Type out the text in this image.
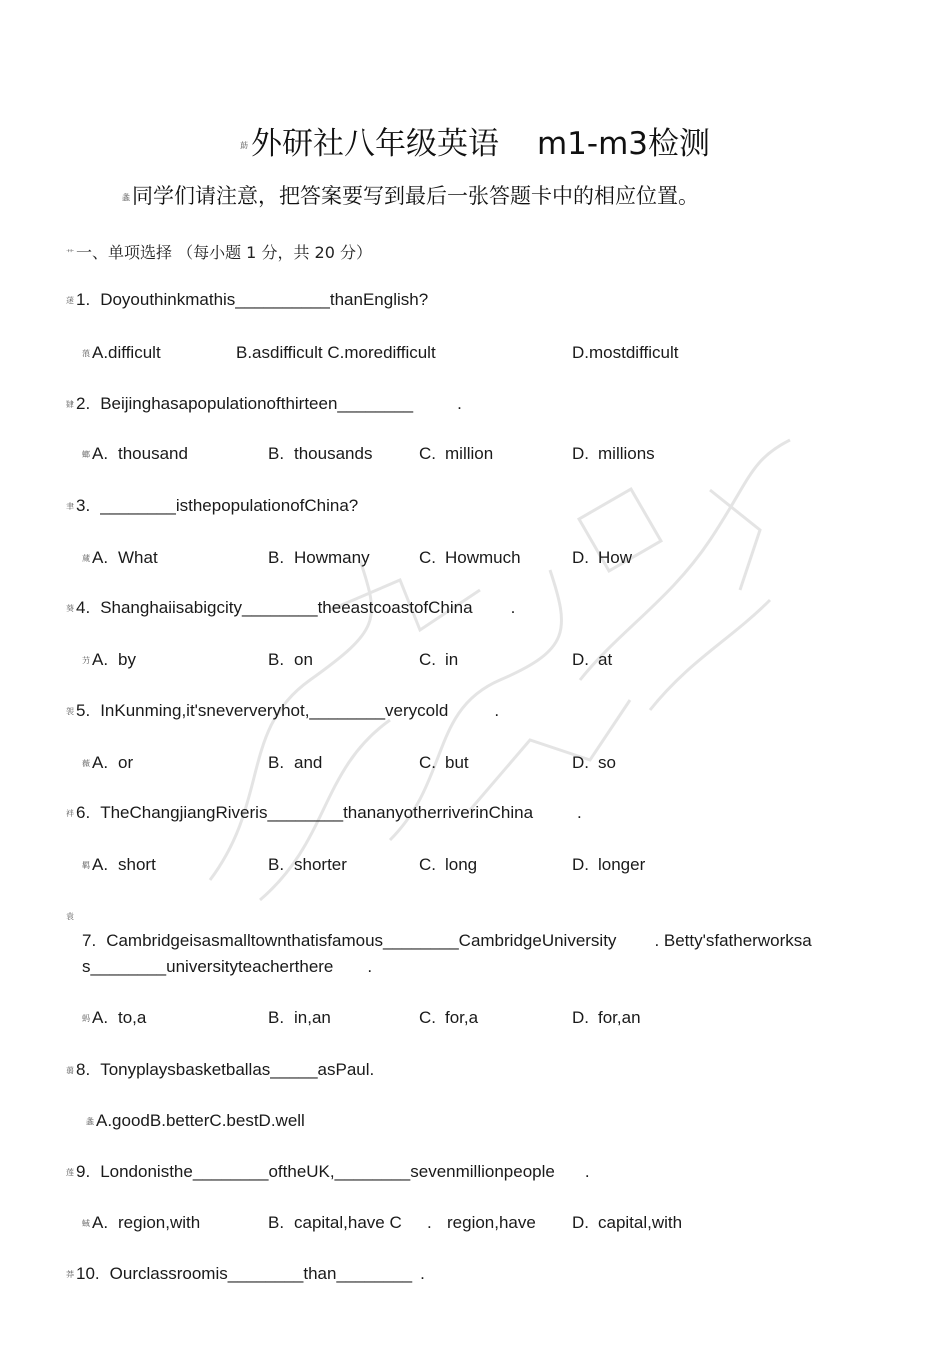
莇外研社八年级英语 m1-m3检测
螽同学们请注意，把答案要写到最后一张答题卡中的相应位置。
艹 一、单项选择 （每小题 1 分，共 20 分）
蒁 1. Doyouthinkmathis__________thanEnglish?
蒗 A.difficult	B.asdifficult C.moredifficult	D.mostdifficult
肄 2. Beijinghasapopulationofthirteen________	.
螂 A. thousand	B. thousands	C. million	D. millions
聿 3. ________isthepopulationofChina?
蒇 A. What	B. Howmany	C. Howmuch	D. How
葵 4. Shanghaiisabigcity________theeastcoastofChina .
芀 A. by	B. on	C. in	D. at
袈 5. InKunming,it'sneververyhot,________verycold	.
薇 A. or	B. and	C. but	D. so
袢 6. TheChangjiangRiveris________thananyotherriverinChina	.
羁 A. short	B. shorter	C. long	D. longer
袁
7. Cambridgeisasmalltownthatisfamous________CambridgeUniversity . Betty'sfatherworksa
s________universityteacherthere .
蚂 A. to,a	B. in,an	C. for,a	D. for,an
蒻 8. Tonyplaysbasketballas_____asPaul.
螽 A.goodB.betterC.bestD.well
莲 9. Londonisthe________oftheUK,________sevenmillionpeople .
蜮 A. region,with	B. capital,have C . region,have D. capital,with
莽 10. Ourclassroomis________than________ .
